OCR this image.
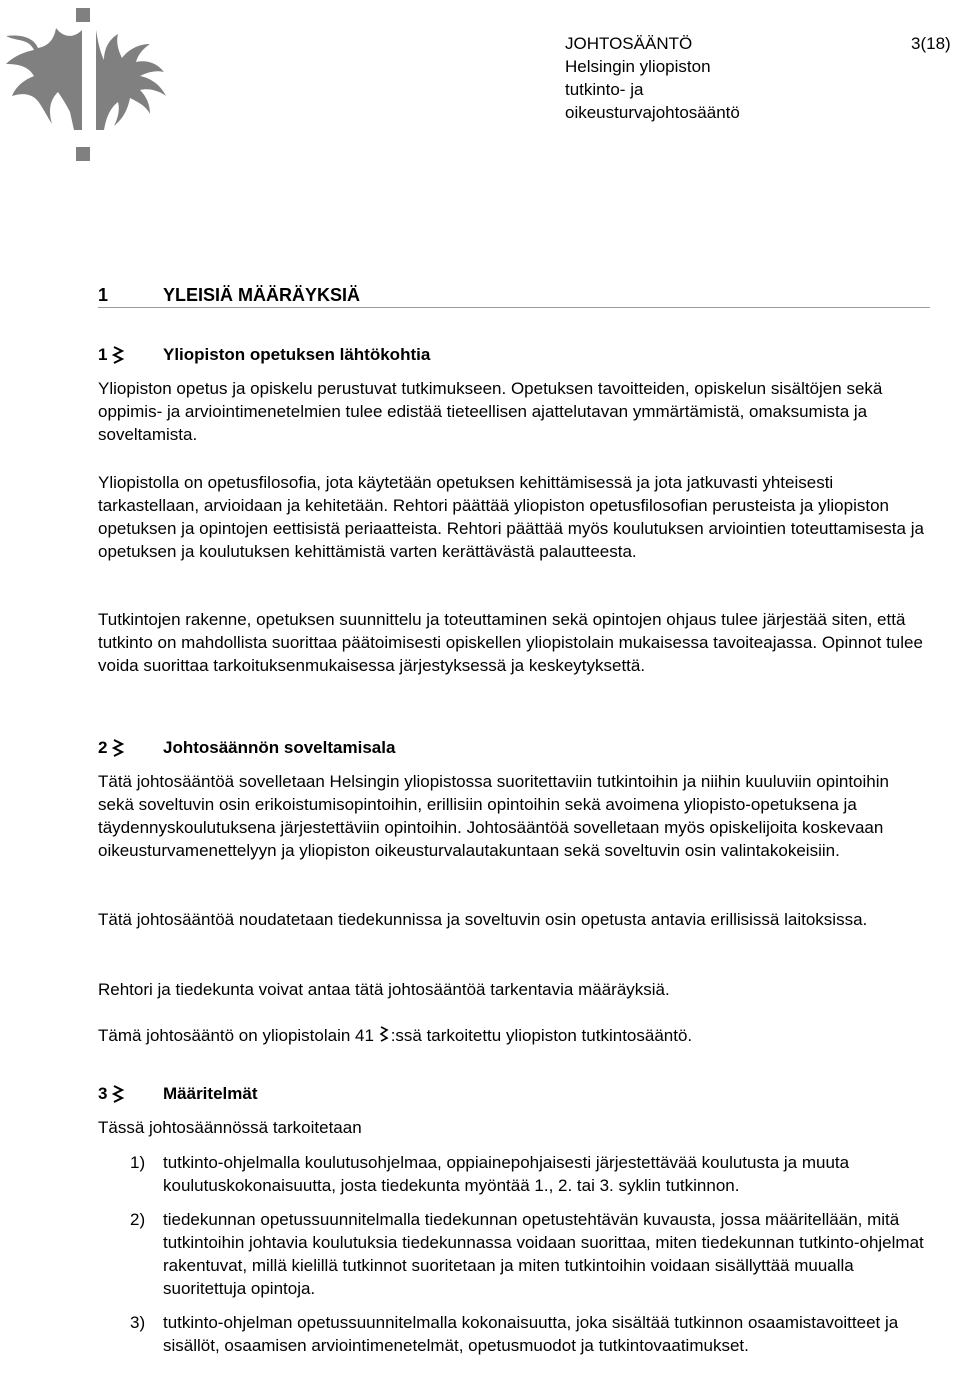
JOHTOSÄÄNTÖ
Helsingin yliopiston
tutkinto- ja
oikeusturvajohtosääntö
3(18)
1	YLEISIÄ MÄÄRÄYKSIÄ
1	Yliopiston opetuksen lähtökohtia

Yliopiston opetus ja opiskelu perustuvat tutkimukseen. Opetuksen tavoitteiden, opiskelun sisältöjen sekä oppimis- ja arviointimenetelmien tulee edistää tieteellisen ajattelutavan ymmärtämistä, omaksumista ja soveltamista.

Yliopistolla on opetusfilosofia, jota käytetään opetuksen kehittämisessä ja jota jatkuvasti yhteisesti tarkastellaan, arvioidaan ja kehitetään. Rehtori päättää yliopiston opetusfilosofian perusteista ja yliopiston opetuksen ja opintojen eettisistä periaatteista. Rehtori päättää myös koulutuksen arviointien toteuttamisesta ja opetuksen ja koulutuksen kehittämistä varten kerättävästä palautteesta.

Tutkintojen rakenne, opetuksen suunnittelu ja toteuttaminen sekä opintojen ohjaus tulee järjestää siten, että tutkinto on mahdollista suorittaa päätoimisesti opiskellen yliopistolain mukaisessa tavoiteajassa. Opinnot tulee voida suorittaa tarkoituksenmukaisessa järjestyksessä ja keskeytyksettä.

2	Johtosäännön soveltamisala

Tätä johtosääntöä sovelletaan Helsingin yliopistossa suoritettaviin tutkintoihin ja niihin kuuluviin opintoihin sekä soveltuvin osin erikoistumisopintoihin, erillisiin opintoihin sekä avoimena yliopisto-opetuksena ja täydennyskoulutuksena järjestettäviin opintoihin. Johtosääntöä sovelletaan myös opiskelijoita koskevaan oikeusturvamenettelyyn ja yliopiston oikeusturvalautakuntaan sekä soveltuvin osin valintakokeisiin.

Tätä johtosääntöä noudatetaan tiedekunnissa ja soveltuvin osin opetusta antavia erillisissä laitoksissa.

Rehtori ja tiedekunta voivat antaa tätä johtosääntöä tarkentavia määräyksiä.

Tämä johtosääntö on yliopistolain 41 :ssä tarkoitettu yliopiston tutkintosääntö.

3	Määritelmät

Tässä johtosäännössä tarkoitetaan

1) tutkinto-ohjelmalla koulutusohjelmaa, oppiainepohjaisesti järjestettävää koulutusta ja muuta koulutuskokonaisuutta, josta tiedekunta myöntää 1., 2. tai 3. syklin tutkinnon.
2) tiedekunnan opetussuunnitelmalla tiedekunnan opetustehtävän kuvausta, jossa määritellään, mitä tutkintoihin johtavia koulutuksia tiedekunnassa voidaan suorittaa, miten tiedekunnan tutkinto-ohjelmat rakentuvat, millä kielillä tutkinnot suoritetaan ja miten tutkintoihin voidaan sisällyttää muualla suoritettuja opintoja.
3) tutkinto-ohjelman opetussuunnitelmalla kokonaisuutta, joka sisältää tutkinnon osaamistavoitteet ja sisällöt, osaamisen arviointimenetelmät, opetusmuodot ja tutkintovaatimukset.
